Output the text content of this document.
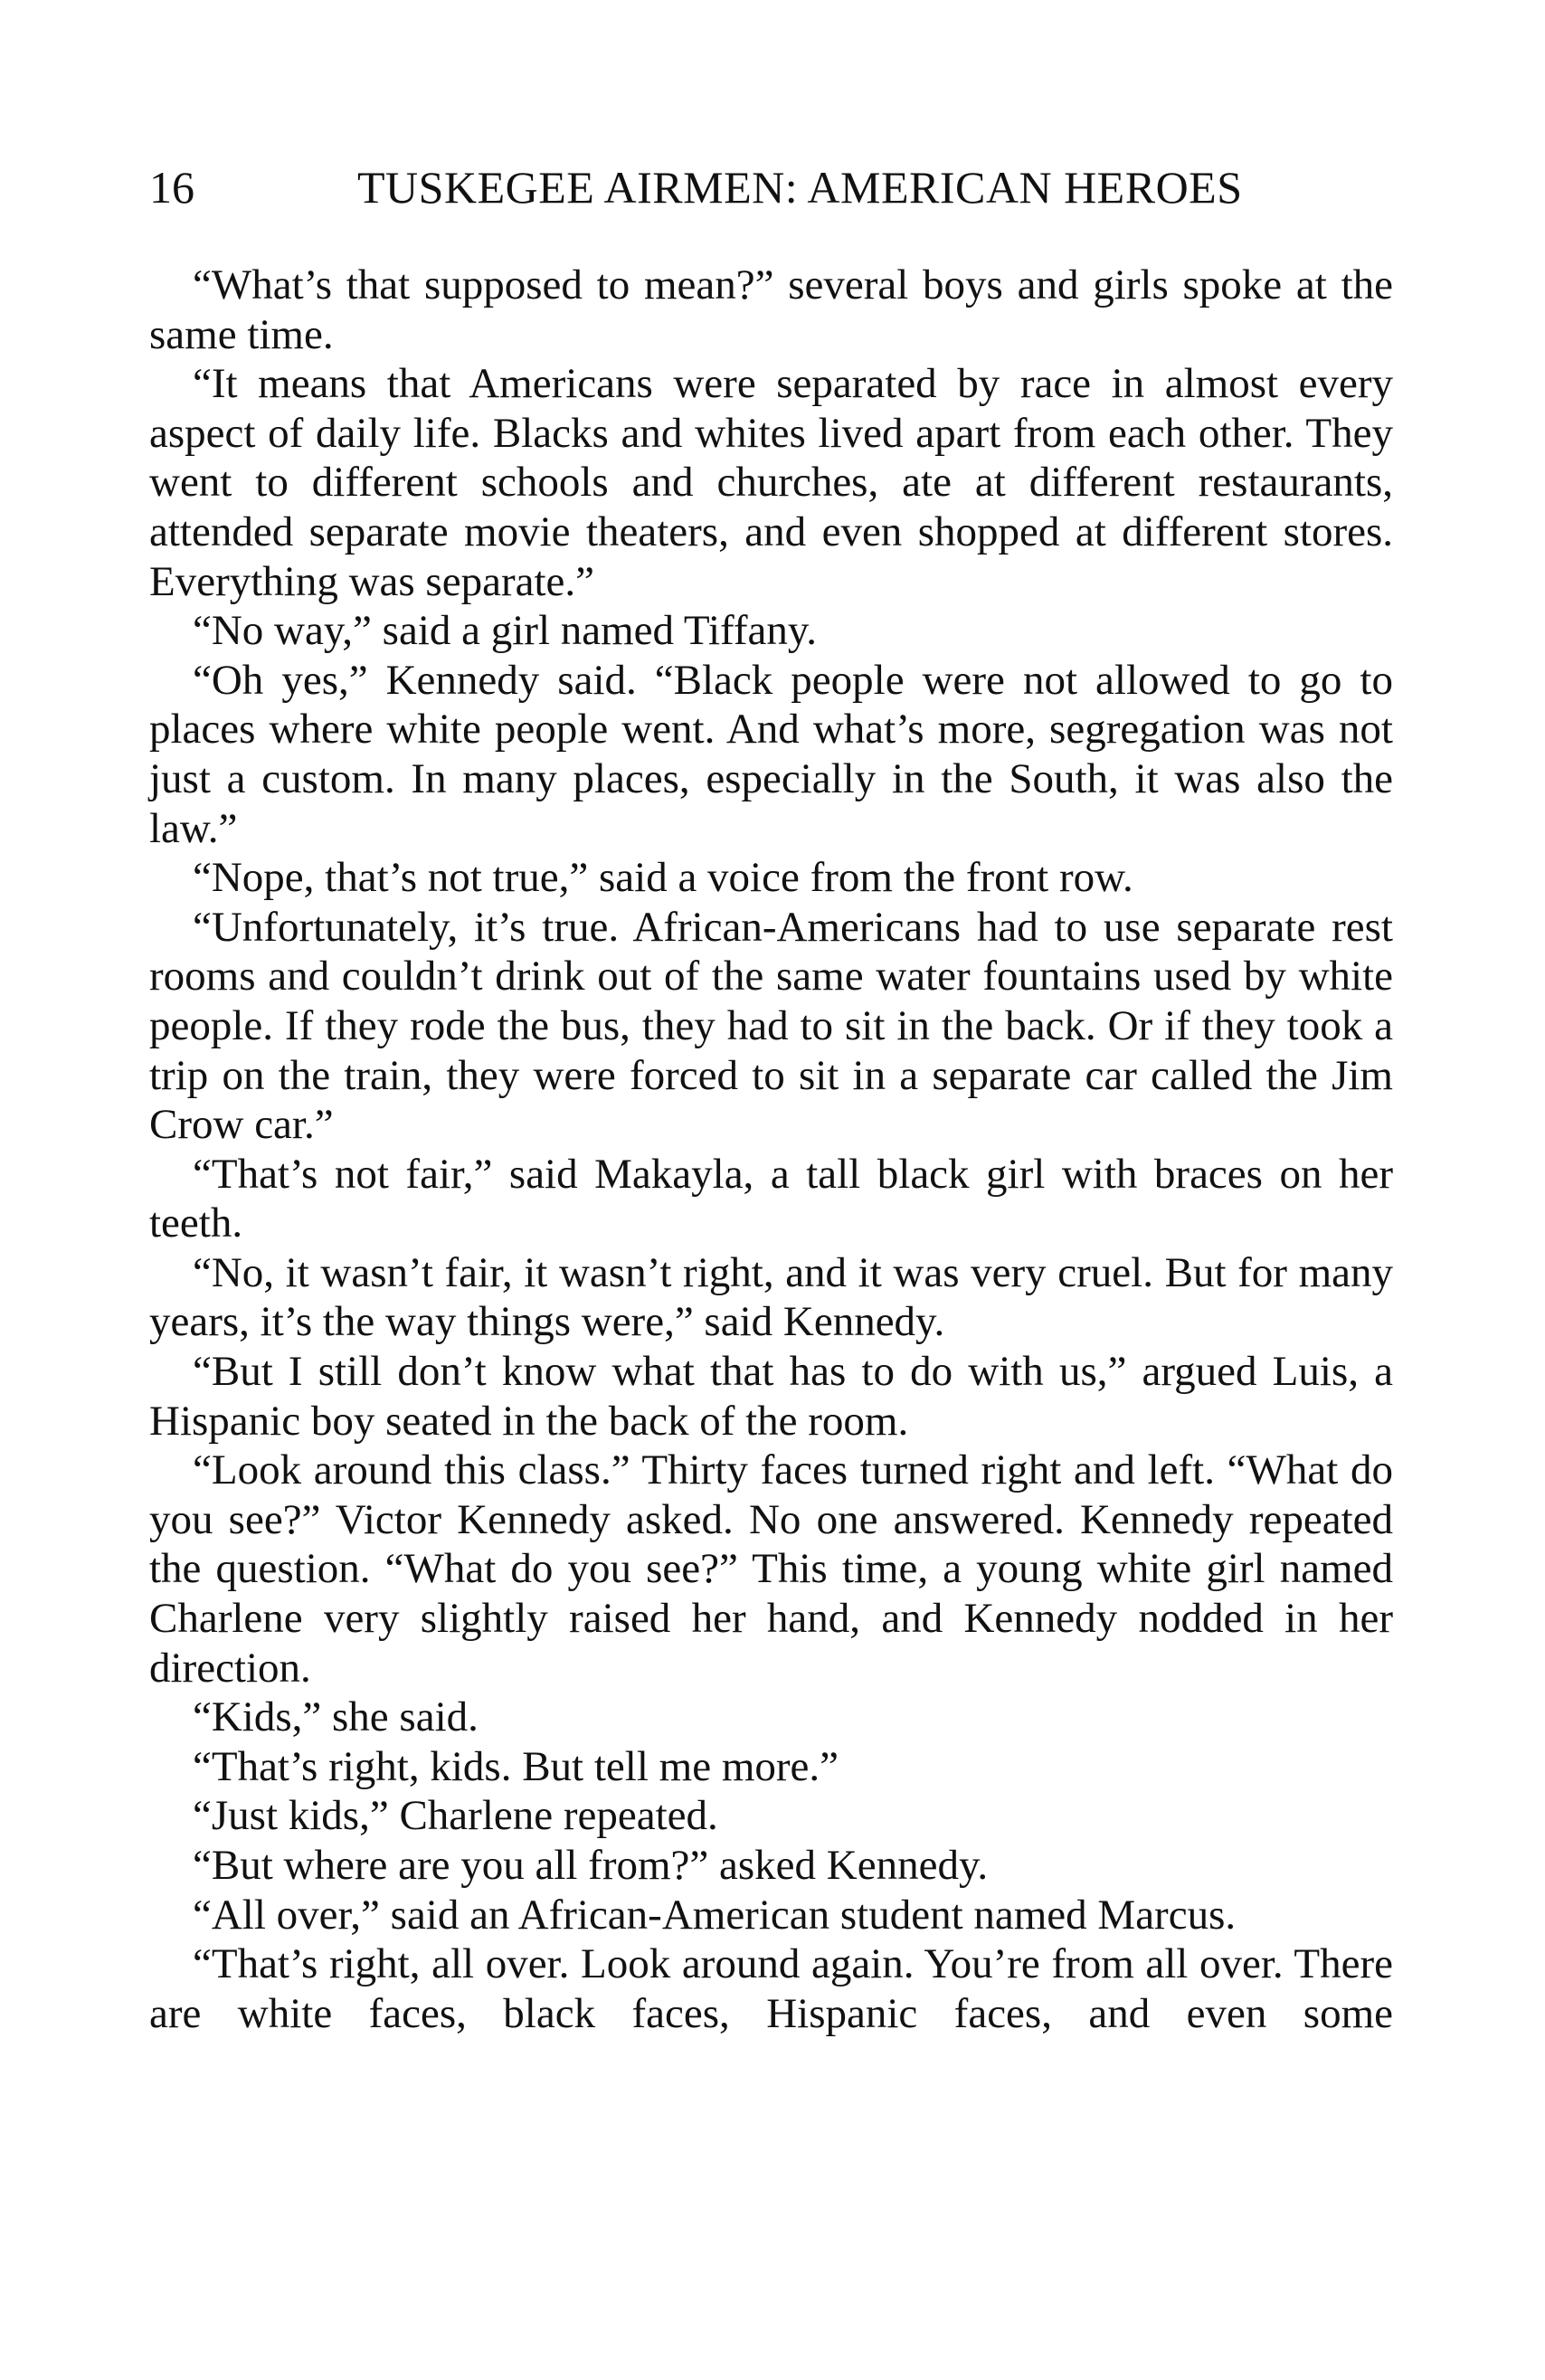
16	TUSKEGEE AIRMEN: AMERICAN HEROES

“What’s that supposed to mean?” several boys and girls spoke at the same time.

“It means that Americans were separated by race in almost every aspect of daily life. Blacks and whites lived apart from each other. They went to different schools and churches, ate at different restaurants, attended separate movie theaters, and even shopped at different stores. Everything was separate.”

“No way,” said a girl named Tiffany.

“Oh yes,” Kennedy said. “Black people were not allowed to go to places where white people went. And what’s more, segregation was not just a custom. In many places, especially in the South, it was also the law.”

“Nope, that’s not true,” said a voice from the front row.

“Unfortunately, it’s true. African-Americans had to use separate rest rooms and couldn’t drink out of the same water fountains used by white people. If they rode the bus, they had to sit in the back. Or if they took a trip on the train, they were forced to sit in a separate car called the Jim Crow car.”

“That’s not fair,” said Makayla, a tall black girl with braces on her teeth.

“No, it wasn’t fair, it wasn’t right, and it was very cruel. But for many years, it’s the way things were,” said Kennedy.

“But I still don’t know what that has to do with us,” argued Luis, a Hispanic boy seated in the back of the room.

“Look around this class.” Thirty faces turned right and left. “What do you see?” Victor Kennedy asked. No one answered. Kennedy repeated the question. “What do you see?” This time, a young white girl named Charlene very slightly raised her hand, and Kennedy nodded in her direction.

“Kids,” she said.

“That’s right, kids. But tell me more.”

“Just kids,” Charlene repeated.

“But where are you all from?” asked Kennedy.

“All over,” said an African-American student named Marcus.

“That’s right, all over. Look around again. You’re from all over. There are white faces, black faces, Hispanic faces, and even some
